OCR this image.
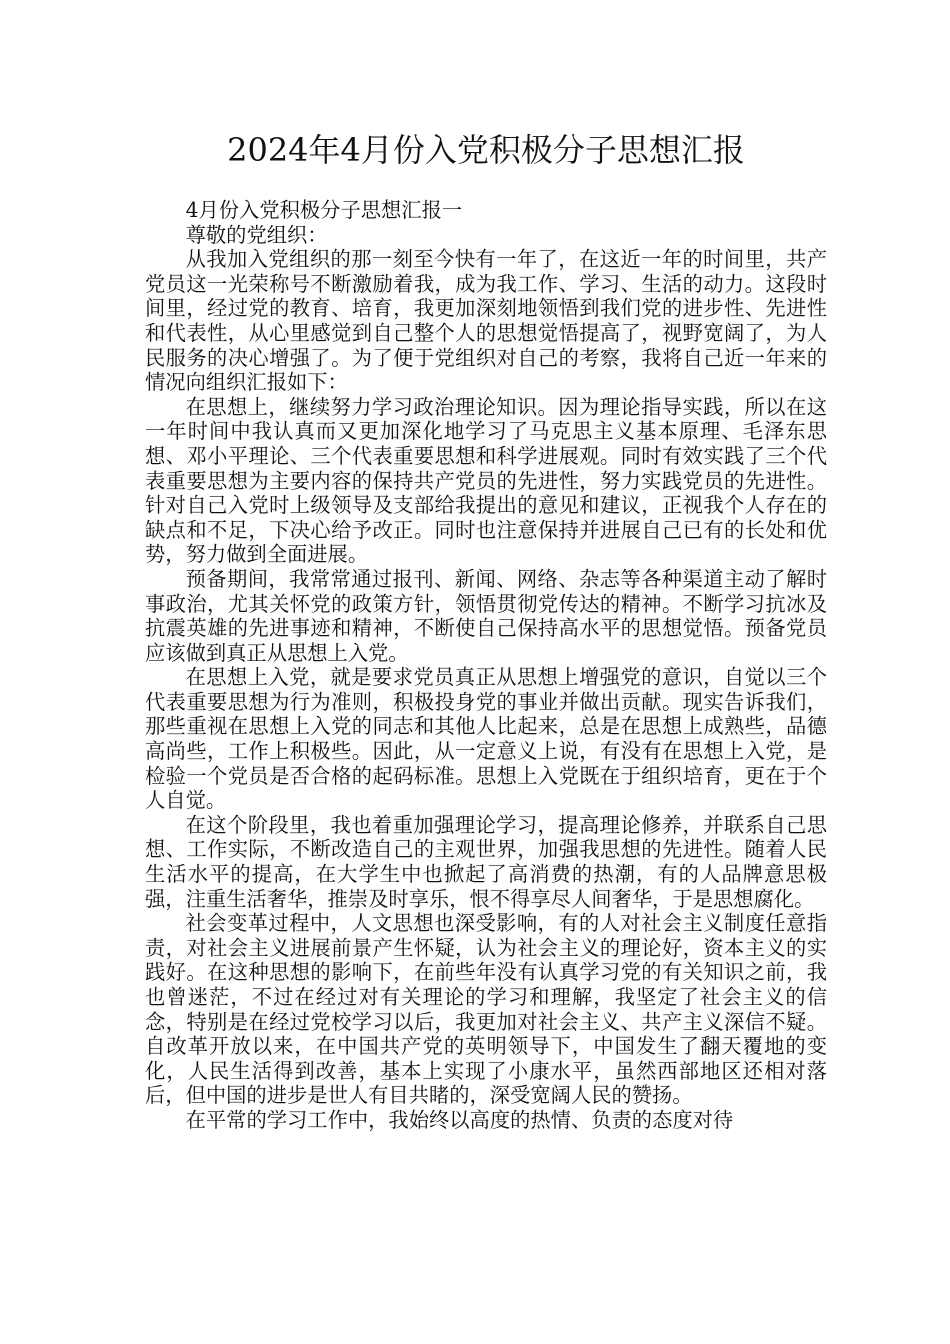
2024年4月份入党积极分子思想汇报

4月份入党积极分子思想汇报一

尊敬的党组织：

从我加入党组织的那一刻至今快有一年了，在这近一年的时间里，共产党员这一光荣称号不断激励着我，成为我工作、学习、生活的动力。这段时间里，经过党的教育、培育，我更加深刻地领悟到我们党的进步性、先进性和代表性，从心里感觉到自己整个人的思想觉悟提高了，视野宽阔了，为人民服务的决心增强了。为了便于党组织对自己的考察，我将自己近一年来的情况向组织汇报如下：

在思想上，继续努力学习政治理论知识。因为理论指导实践，所以在这一年时间中我认真而又更加深化地学习了马克思主义基本原理、毛泽东思想、邓小平理论、三个代表重要思想和科学进展观。同时有效实践了三个代表重要思想为主要内容的保持共产党员的先进性，努力实践党员的先进性。针对自己入党时上级领导及支部给我提出的意见和建议，正视我个人存在的缺点和不足，下决心给予改正。同时也注意保持并进展自己已有的长处和优势，努力做到全面进展。

预备期间，我常常通过报刊、新闻、网络、杂志等各种渠道主动了解时事政治，尤其关怀党的政策方针，领悟贯彻党传达的精神。不断学习抗冰及抗震英雄的先进事迹和精神，不断使自己保持高水平的思想觉悟。预备党员应该做到真正从思想上入党。

在思想上入党，就是要求党员真正从思想上增强党的意识，自觉以三个代表重要思想为行为准则，积极投身党的事业并做出贡献。现实告诉我们，那些重视在思想上入党的同志和其他人比起来，总是在思想上成熟些，品德高尚些，工作上积极些。因此，从一定意义上说，有没有在思想上入党，是检验一个党员是否合格的起码标准。思想上入党既在于组织培育，更在于个人自觉。

在这个阶段里，我也着重加强理论学习，提高理论修养，并联系自己思想、工作实际，不断改造自己的主观世界，加强我思想的先进性。随着人民生活水平的提高，在大学生中也掀起了高消费的热潮，有的人品牌意思极强，注重生活奢华，推崇及时享乐，恨不得享尽人间奢华，于是思想腐化。

社会变革过程中，人文思想也深受影响，有的人对社会主义制度任意指责，对社会主义进展前景产生怀疑，认为社会主义的理论好，资本主义的实践好。在这种思想的影响下，在前些年没有认真学习党的有关知识之前，我也曾迷茫，不过在经过对有关理论的学习和理解，我坚定了社会主义的信念，特别是在经过党校学习以后，我更加对社会主义、共产主义深信不疑。自改革开放以来，在中国共产党的英明领导下，中国发生了翻天覆地的变化，人民生活得到改善，基本上实现了小康水平，虽然西部地区还相对落后，但中国的进步是世人有目共睹的，深受宽阔人民的赞扬。

在平常的学习工作中，我始终以高度的热情、负责的态度对待
